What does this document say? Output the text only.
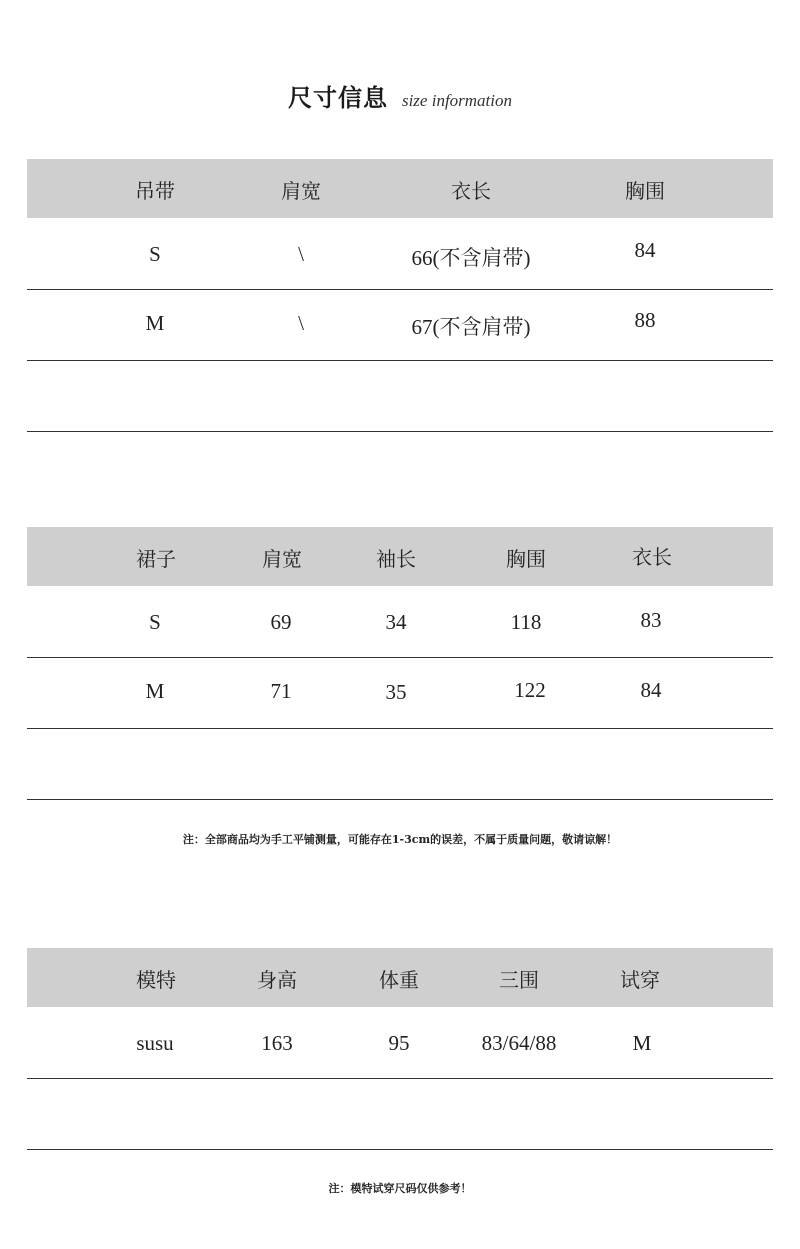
尺寸信息 size information
吊带	肩宽	衣长	胸围
S	\	66(不含肩带)	84
M	\	67(不含肩带)	88
裙子	肩宽	袖长	胸围	衣长
S	69	34	118	83
M	71	35	122	84
注：全部商品均为手工平铺测量，可能存在1-3cm的误差，不属于质量问题，敬请谅解！
模特	身高	体重	三围	试穿
susu	163	95	83/64/88	M
注：模特试穿尺码仅供参考！
